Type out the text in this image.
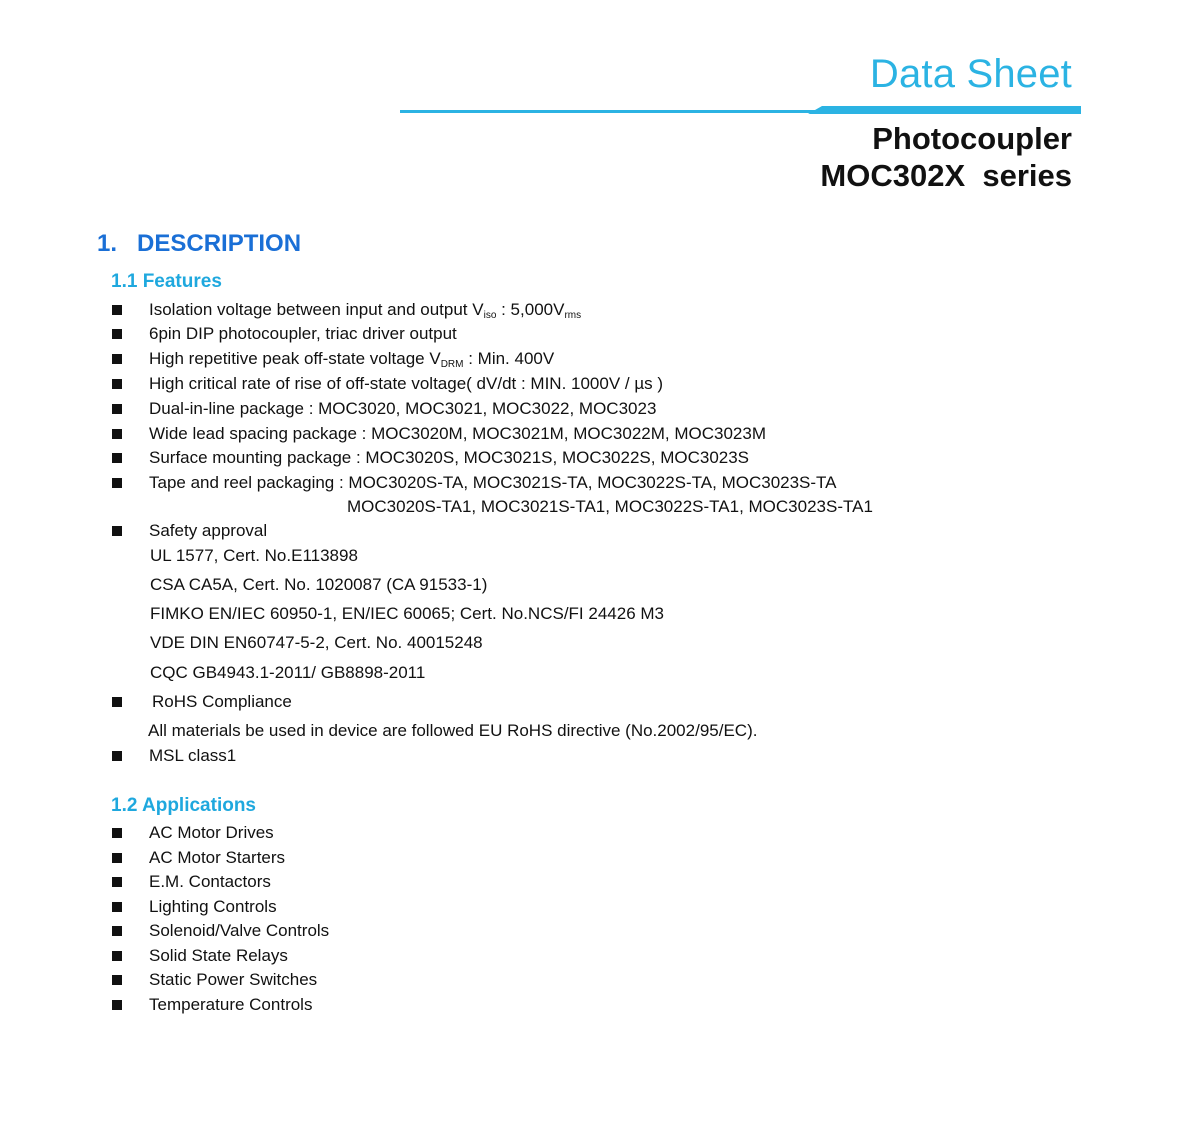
Data Sheet
Photocoupler
MOC302X  series
1.   DESCRIPTION
1.1 Features
Isolation voltage between input and output $V_{iso}$ : $5,000V_{rms}$
6pin DIP photocoupler, triac driver output
High repetitive peak off-state voltage $V_{DRM}$ : Min. 400V
High critical rate of rise of off-state voltage( dV/dt : MIN. 1000V / µs )
Dual-in-line package : MOC3020, MOC3021, MOC3022, MOC3023
Wide lead spacing package : MOC3020M, MOC3021M, MOC3022M, MOC3023M
Surface mounting package : MOC3020S, MOC3021S, MOC3022S, MOC3023S
Tape and reel packaging : MOC3020S-TA, MOC3021S-TA, MOC3022S-TA, MOC3023S-TA
MOC3020S-TA1, MOC3021S-TA1, MOC3022S-TA1, MOC3023S-TA1
Safety approval
UL 1577, Cert. No.E113898
CSA CA5A, Cert. No. 1020087 (CA 91533-1)
FIMKO EN/IEC 60950-1, EN/IEC 60065; Cert. No.NCS/FI 24426 M3
VDE DIN EN60747-5-2, Cert. No. 40015248
CQC GB4943.1-2011/ GB8898-2011
RoHS Compliance
All materials be used in device are followed EU RoHS directive (No.2002/95/EC).
MSL class1
1.2 Applications
AC Motor Drives
AC Motor Starters
E.M. Contactors
Lighting Controls
Solenoid/Valve Controls
Solid State Relays
Static Power Switches
Temperature Controls
